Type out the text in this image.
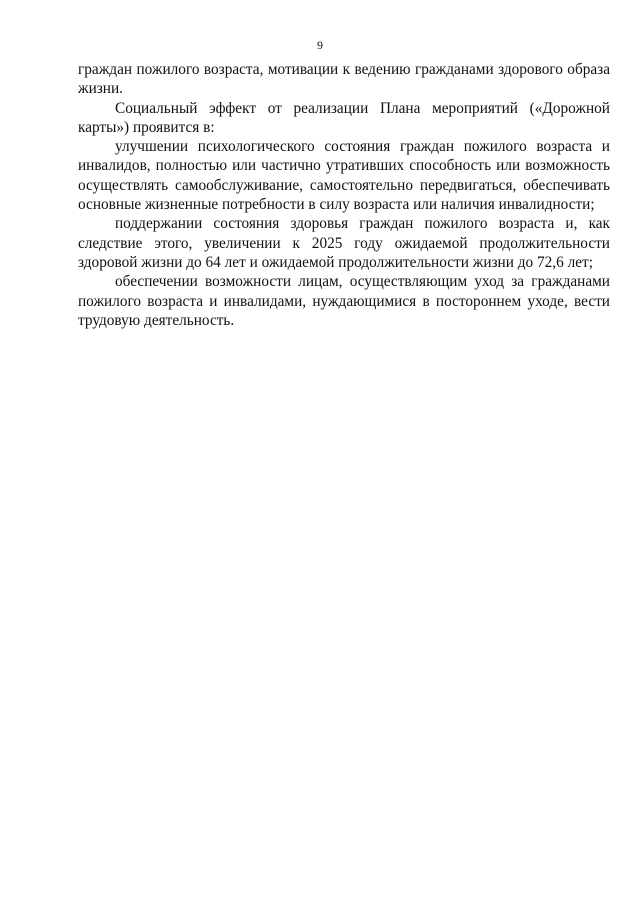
9

граждан пожилого возраста, мотивации к ведению гражданами здорового образа жизни.

Социальный эффект от реализации Плана мероприятий («Дорожной карты») проявится в:

улучшении психологического состояния граждан пожилого возраста и инвалидов, полностью или частично утративших способность или возможность осуществлять самообслуживание, самостоятельно передвигаться, обеспечивать основные жизненные потребности в силу возраста или наличия инвалидности;

поддержании состояния здоровья граждан пожилого возраста и, как следствие этого, увеличении к 2025 году ожидаемой продолжительности здоровой жизни до 64 лет и ожидаемой продолжительности жизни до 72,6 лет;

обеспечении возможности лицам, осуществляющим уход за гражданами пожилого возраста и инвалидами, нуждающимися в постороннем уходе, вести трудовую деятельность.
